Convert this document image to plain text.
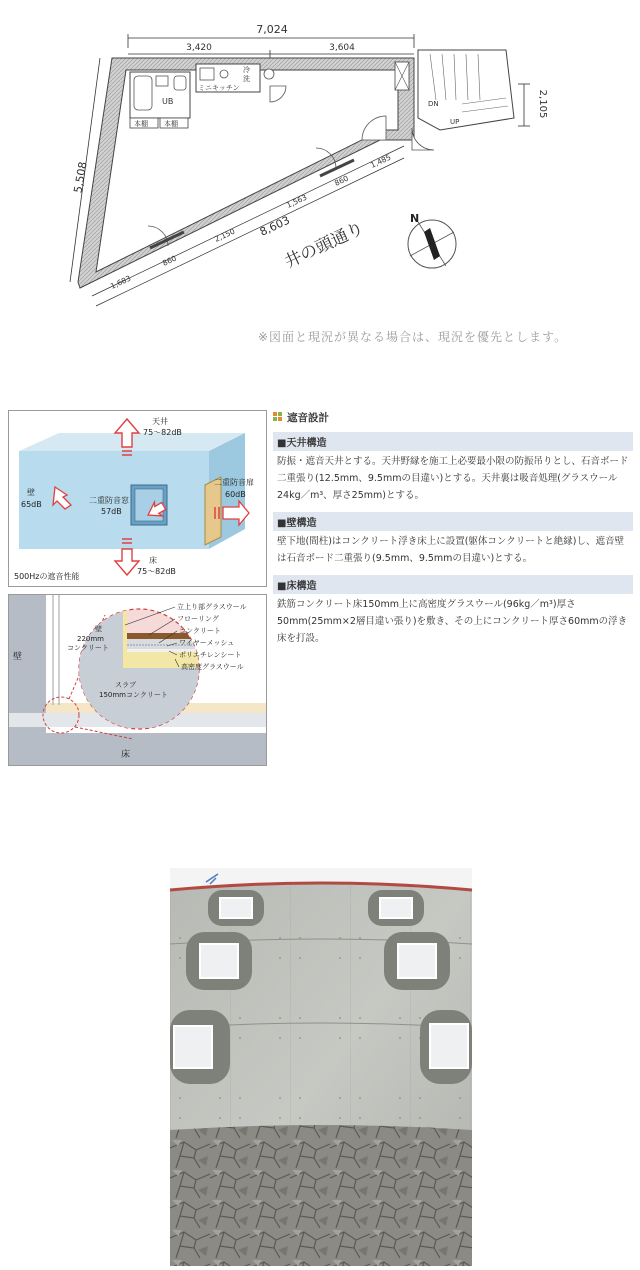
7,024
3,420	3,604
5,508
UB
ミニキッチン
冷
洗
本棚 本棚
DN
UP
2,105
1,683
860
2,150
1,563
860
1,485
8,603
井の頭通り	N
※図面と現況が異なる場合は、現況を優先とします。
天井
75～82dB
壁
65dB	二重防音窓
57dB
二重防音扉
60dB
床
75～82dB
500Hzの遮音性能
立上り部グラスウール
フローリング
コンクリート
ワイヤーメッシュ
ポリエチレンシート
高密度グラスウール
壁
220mm
コンクリート
スラブ
150mmコンクリート
壁
床
遮音設計
■天井構造
防振・遮音天井とする。天井野縁を施工上必要最小限の防振吊りとし、石音ボード二重張り(12.5mm、9.5mmの目違い)とする。天井裏は吸音処理(グラスウール24kg／m³、厚さ25mm)とする。
■壁構造
壁下地(間柱)はコンクリート浮き床上に設置(躯体コンクリートと絶縁)し、遮音壁は石音ボード二重張り(9.5mm、9.5mmの目違い)とする。
■床構造
鉄筋コンクリート床150mm上に高密度グラスウール(96kg／m³)厚さ50mm(25mm×2層目違い張り)を敷き、その上にコンクリート厚さ60mmの浮き床を打設。
